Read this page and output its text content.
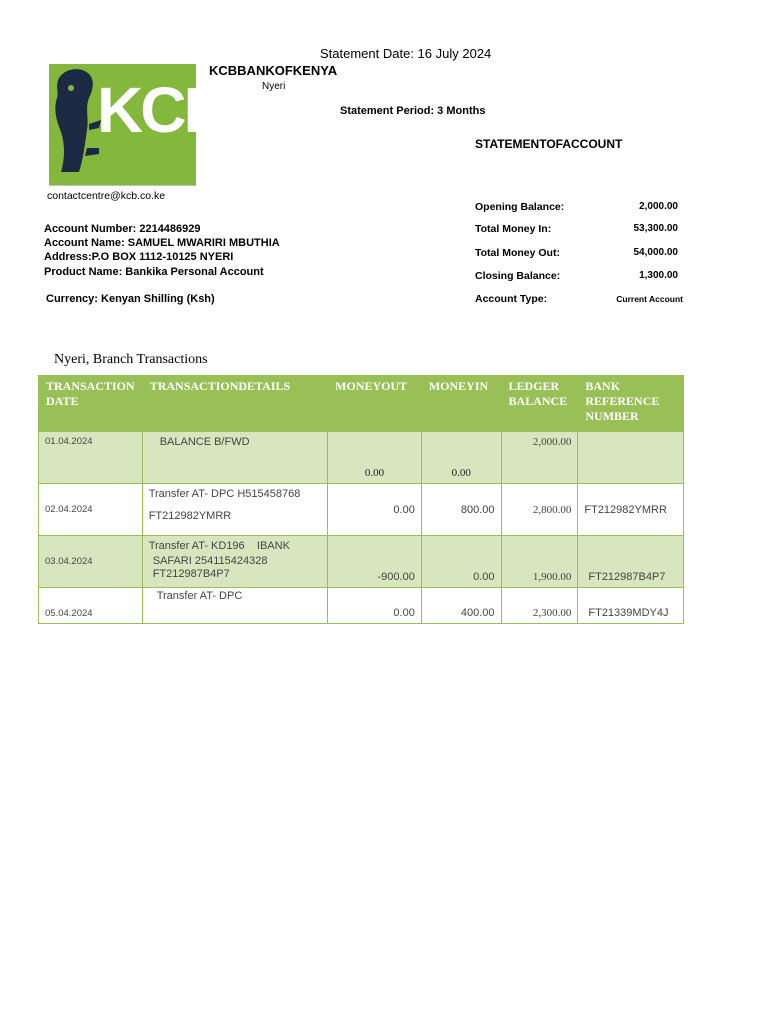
Statement Date: 16 July 2024
KCBBANKOFKENYA
Nyeri
Statement Period: 3 Months
STATEMENTOFACCOUNT
KCB
contactcentre@kcb.co.ke
Account Number: 2214486929
Account Name: SAMUEL MWARIRI MBUTHIA
Address:P.O BOX 1112-10125 NYERI
Product Name: Bankika Personal Account
Currency: Kenyan Shilling (Ksh)
Opening Balance:	2,000.00
Total Money In:	53,300.00
Total Money Out:	54,000.00
Closing Balance:	1,300.00
Account Type:	Current Account
Nyeri, Branch Transactions
TRANSACTION DATE	TRANSACTIONDETAILS	MONEYOUT	MONEYIN	LEDGER BALANCE	BANK REFERENCE NUMBER
01.04.2024	BALANCE B/FWD	0.00	0.00	2,000.00	
02.04.2024	Transfer AT- DPC H515458768
FT212982YMRR	0.00	800.00	2,800.00	FT212982YMRR
03.04.2024	Transfer AT- KD196    IBANK
SAFARI 254115424328
FT212987B4P7	-900.00	0.00	1,900.00	FT212987B4P7
05.04.2024	Transfer AT- DPC	0.00	400.00	2,300.00	FT21339MDY4J
